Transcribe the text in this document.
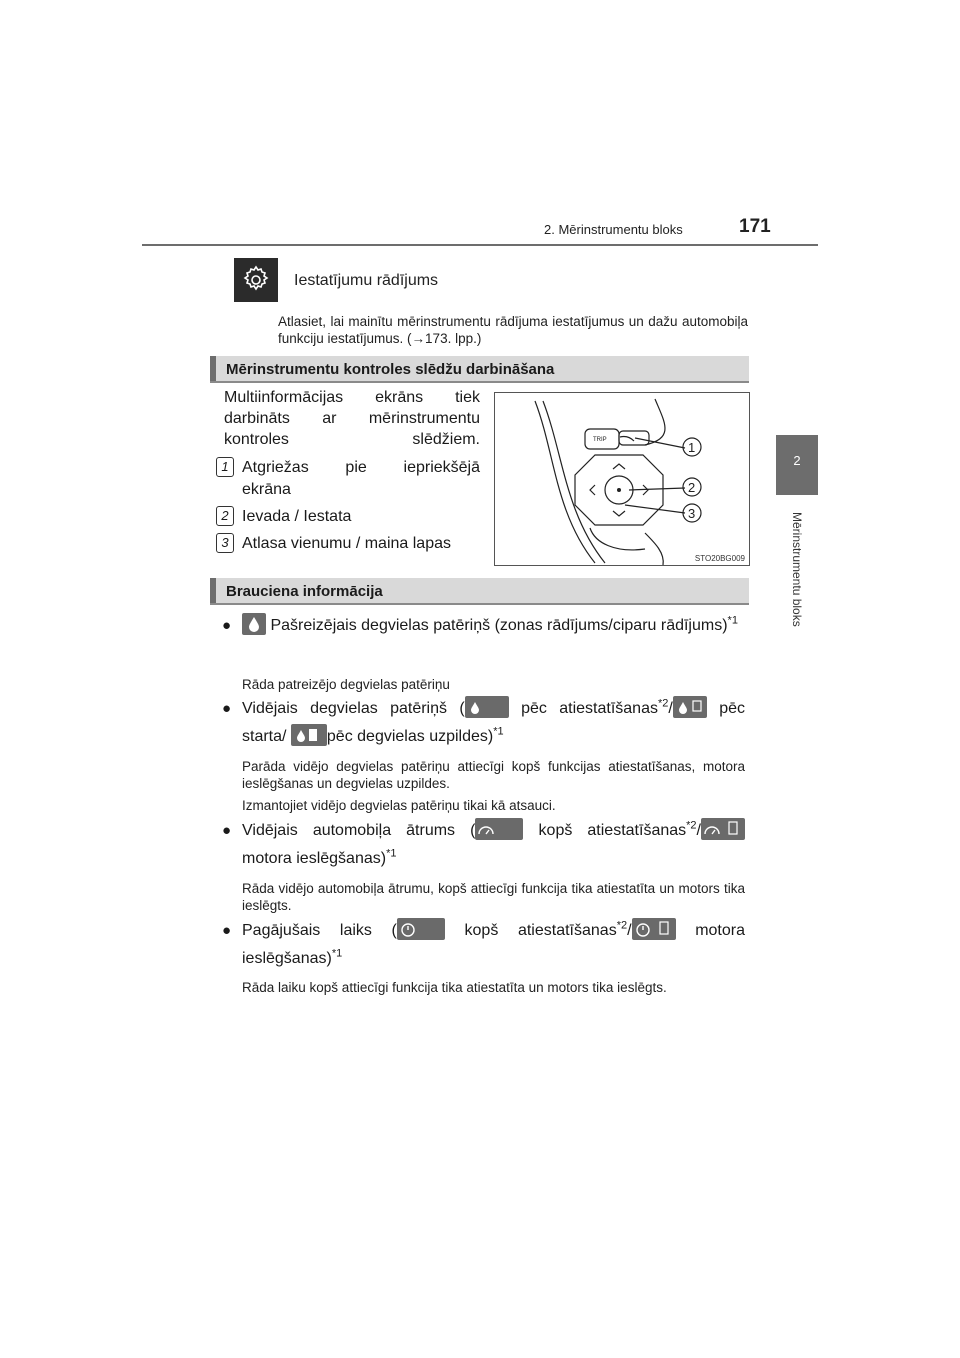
2. Mērinstrumentu bloks	171
2
Mērinstrumentu bloks
Iestatījumu rādījums
Atlasiet, lai mainītu mērinstrumentu rādījuma iestatījumus un dažu automobiļa funkciju iestatījumus. (→173. lpp.)
Mērinstrumentu kontroles slēdžu darbināšana
Multiinformācijas ekrāns tiek darbināts ar mērinstrumentu kontroles slēdžiem.
1 Atgriežas pie iepriekšējā
ekrāna
2 Ievada / Iestata
3 Atlasa vienumu / maina lapas
TRIP	1
2
3
STO20BG009
Brauciena informācija
●	Pašreizējais degvielas patēriņš (zonas rādījums/ciparu rādījums)$^{*1}$
Rāda patreizējo degvielas patēriņu
● Vidējais degvielas patēriņš (	pēc atiestatīšanas$^{*2}$/
pēc starta/
pēc degvielas uzpildes)$^{*1}$
Parāda vidējo degvielas patēriņu attiecīgi kopš funkcijas atiestatīšanas, motora ieslēgšanas un degvielas uzpildes.
Izmantojiet vidējo degvielas patēriņu tikai kā atsauci.
● Vidējais automobiļa ātrums (	kopš atiestatīšanas$^{*2}$/
motora ieslēgšanas)$^{*1}$
Rāda vidējo automobiļa ātrumu, kopš attiecīgi funkcija tika atiestatīta un motors tika ieslēgts.
● Pagājušais laiks (	kopš atiestatīšanas$^{*2}$/	motora ieslēgšanas)$^{*1}$
Rāda laiku kopš attiecīgi funkcija tika atiestatīta un motors tika ieslēgts.
